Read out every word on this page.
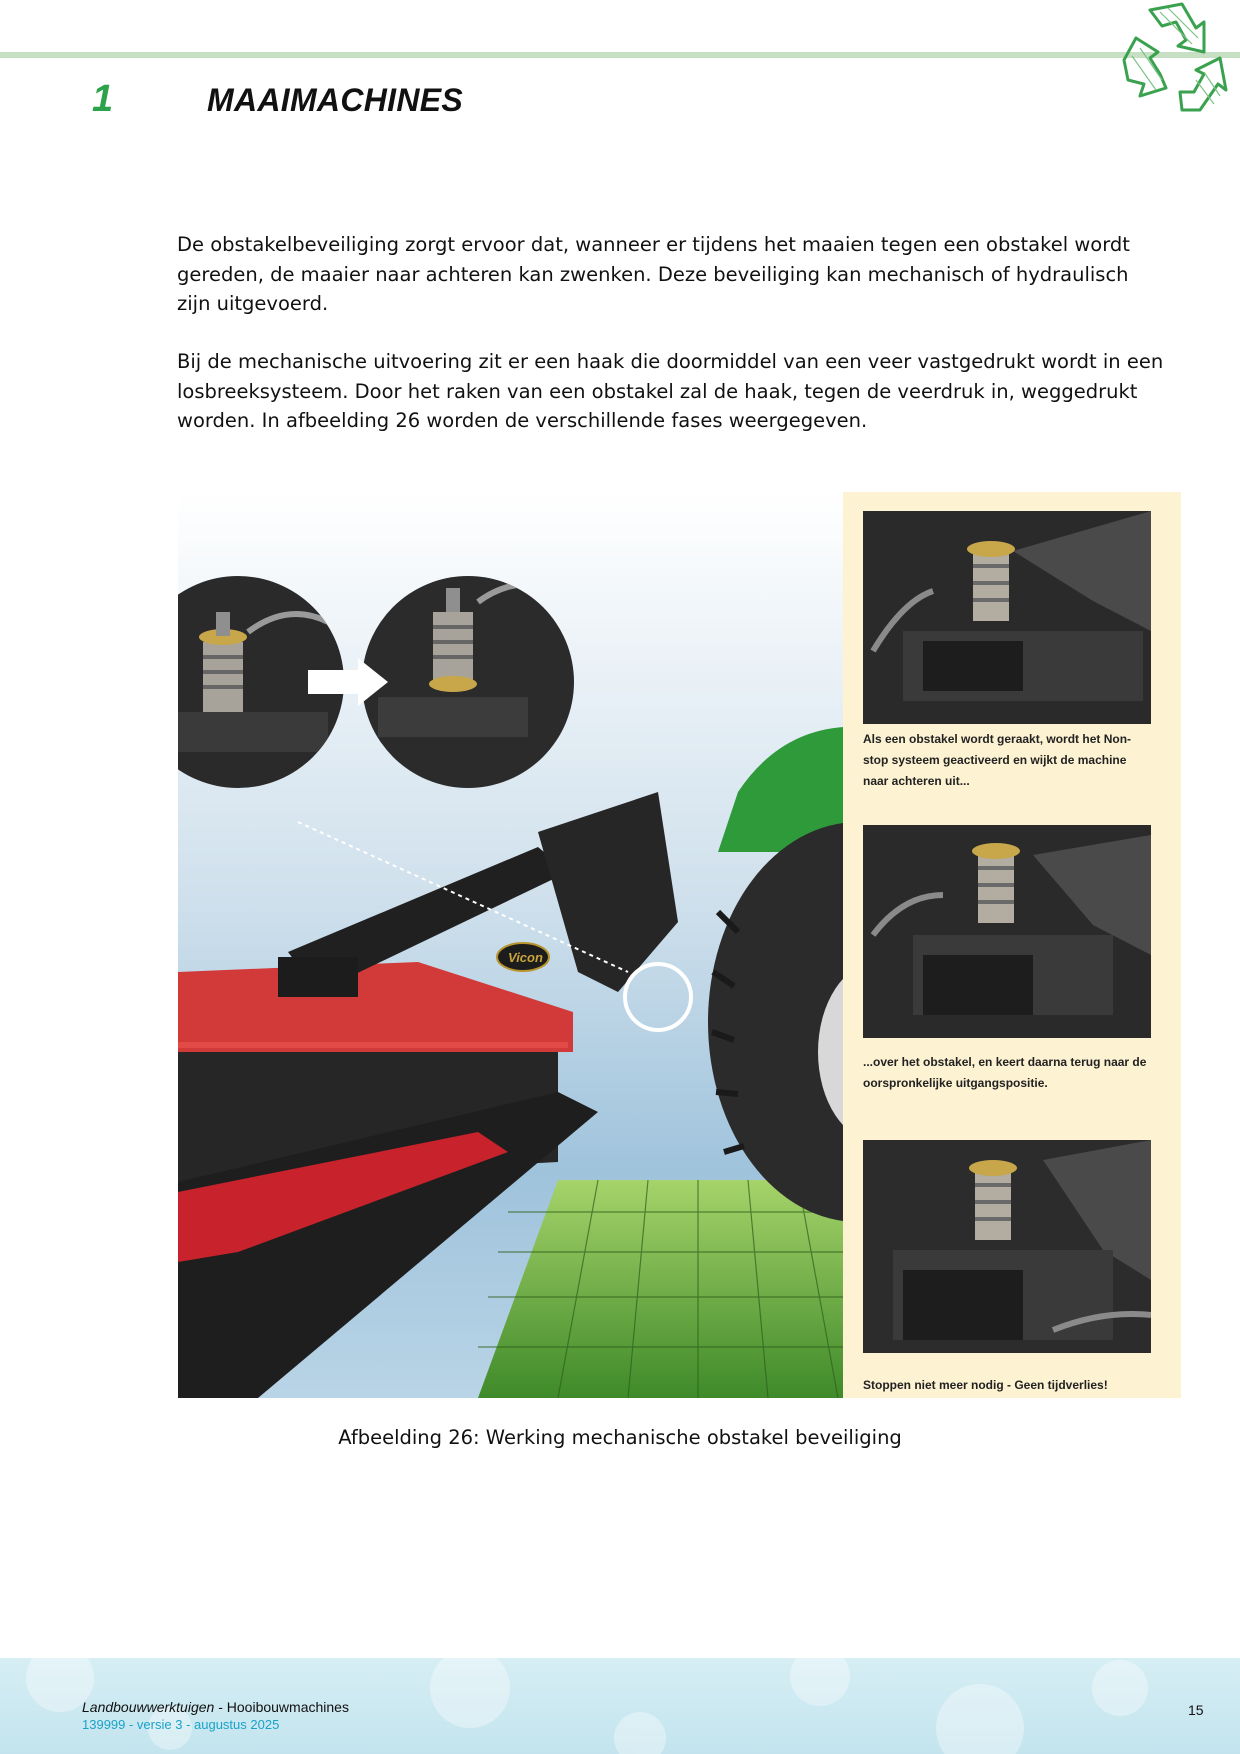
1	MAAIMACHINES

De obstakelbeveiliging zorgt ervoor dat, wanneer er tijdens het maaien tegen een obstakel wordt gereden, de maaier naar achteren kan zwenken. Deze beveiliging kan mechanisch of hydraulisch zijn uitgevoerd.

Bij de mechanische uitvoering zit er een haak die doormiddel van een veer vastgedrukt wordt in een losbreeksysteem. Door het raken van een obstakel zal de haak, tegen de veerdruk in, weggedrukt worden. In afbeelding 26 worden de verschillende fases weergegeven.

Vicon
Als een obstakel wordt geraakt, wordt het Non-stop systeem geactiveerd en wijkt de machine naar achteren uit...
...over het obstakel, en keert daarna terug naar de oorspronkelijke uitgangspositie.
Stoppen niet meer nodig - Geen tijdverlies!
Afbeelding 26: Werking mechanische obstakel beveiliging
Landbouwwerktuigen - Hooibouwmachines
139999 - versie 3 - augustus 2025
15
